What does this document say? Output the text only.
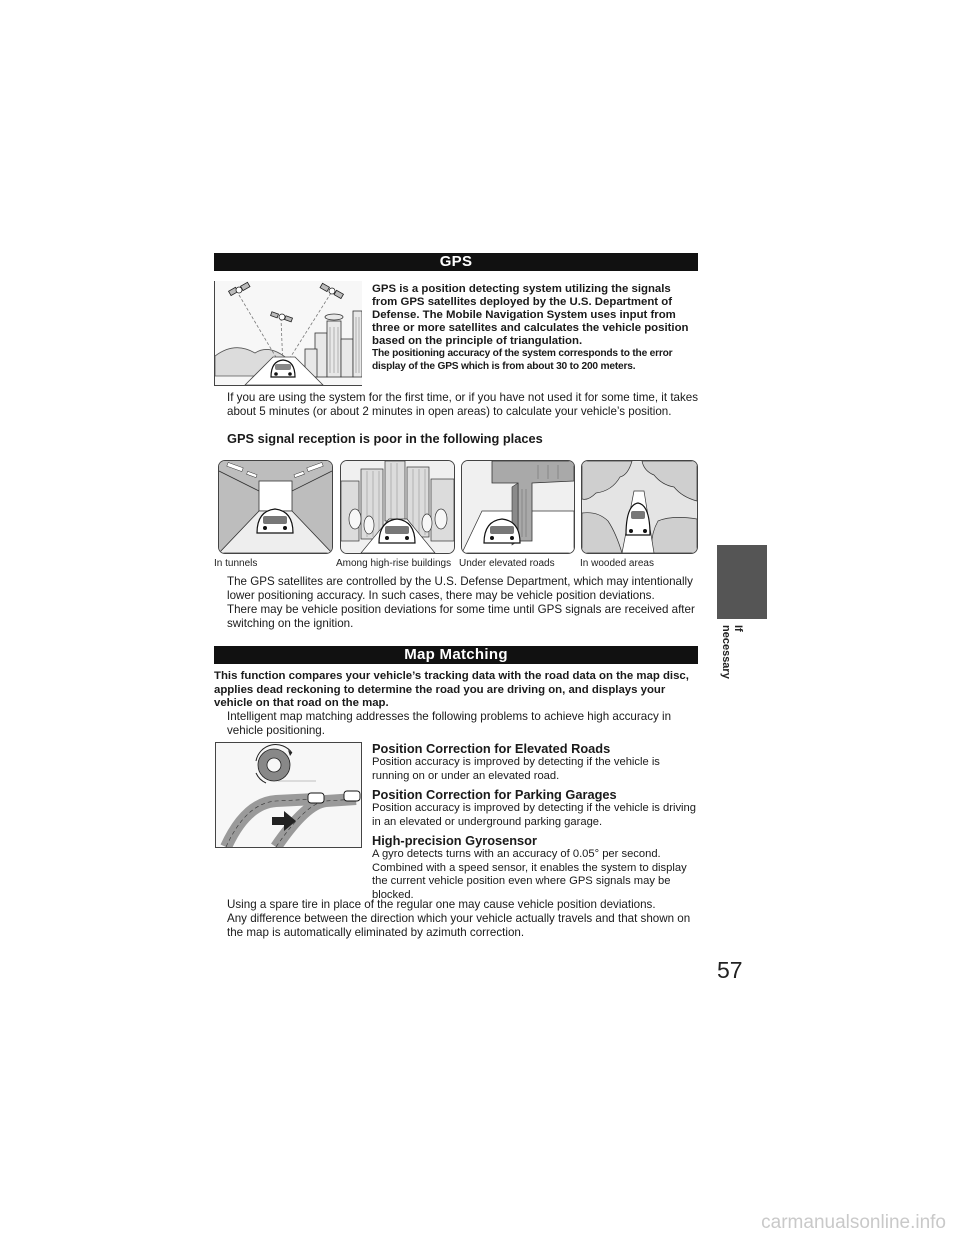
GPS

GPS is a position detecting system utilizing the signals from GPS satellites deployed by the U.S. Department of Defense. The Mobile Navigation System uses input from three or more satellites and calculates the vehicle position based on the principle of triangulation.

The positioning accuracy of the system corresponds to the error display of the GPS which is from about 30 to 200 meters.

If you are using the system for the first time, or if you have not used it for some time, it takes about 5 minutes (or about 2 minutes in open areas) to calculate your vehicle’s position.

GPS signal reception is poor in the following places
In tunnels	Among high-rise buildings Under elevated roads	In wooded areas

The GPS satellites are controlled by the U.S. Defense Department, which may intentionally lower positioning accuracy. In such cases, there may be vehicle position deviations.

There may be vehicle position deviations for some time until GPS signals are received after switching on the ignition.

Map Matching

This function compares your vehicle’s tracking data with the road data on the map disc, applies dead reckoning to determine the road you are driving on, and displays your vehicle on that road on the map.

Intelligent map matching addresses the following problems to achieve high accuracy in vehicle positioning.

Position Correction for Elevated Roads

Position accuracy is improved by detecting if the vehicle is running on or under an elevated road.

Position Correction for Parking Garages

Position accuracy is improved by detecting if the vehicle is driving in an elevated or underground parking garage.

High-precision Gyrosensor

A gyro detects turns with an accuracy of 0.05° per second. Combined with a speed sensor, it enables the system to display the current vehicle position even where GPS signals may be blocked.

Using a spare tire in place of the regular one may cause vehicle position deviations.

Any difference between the direction which your vehicle actually travels and that shown on the map is automatically eliminated by azimuth correction.

If necessary
57
carmanualsonline.info
